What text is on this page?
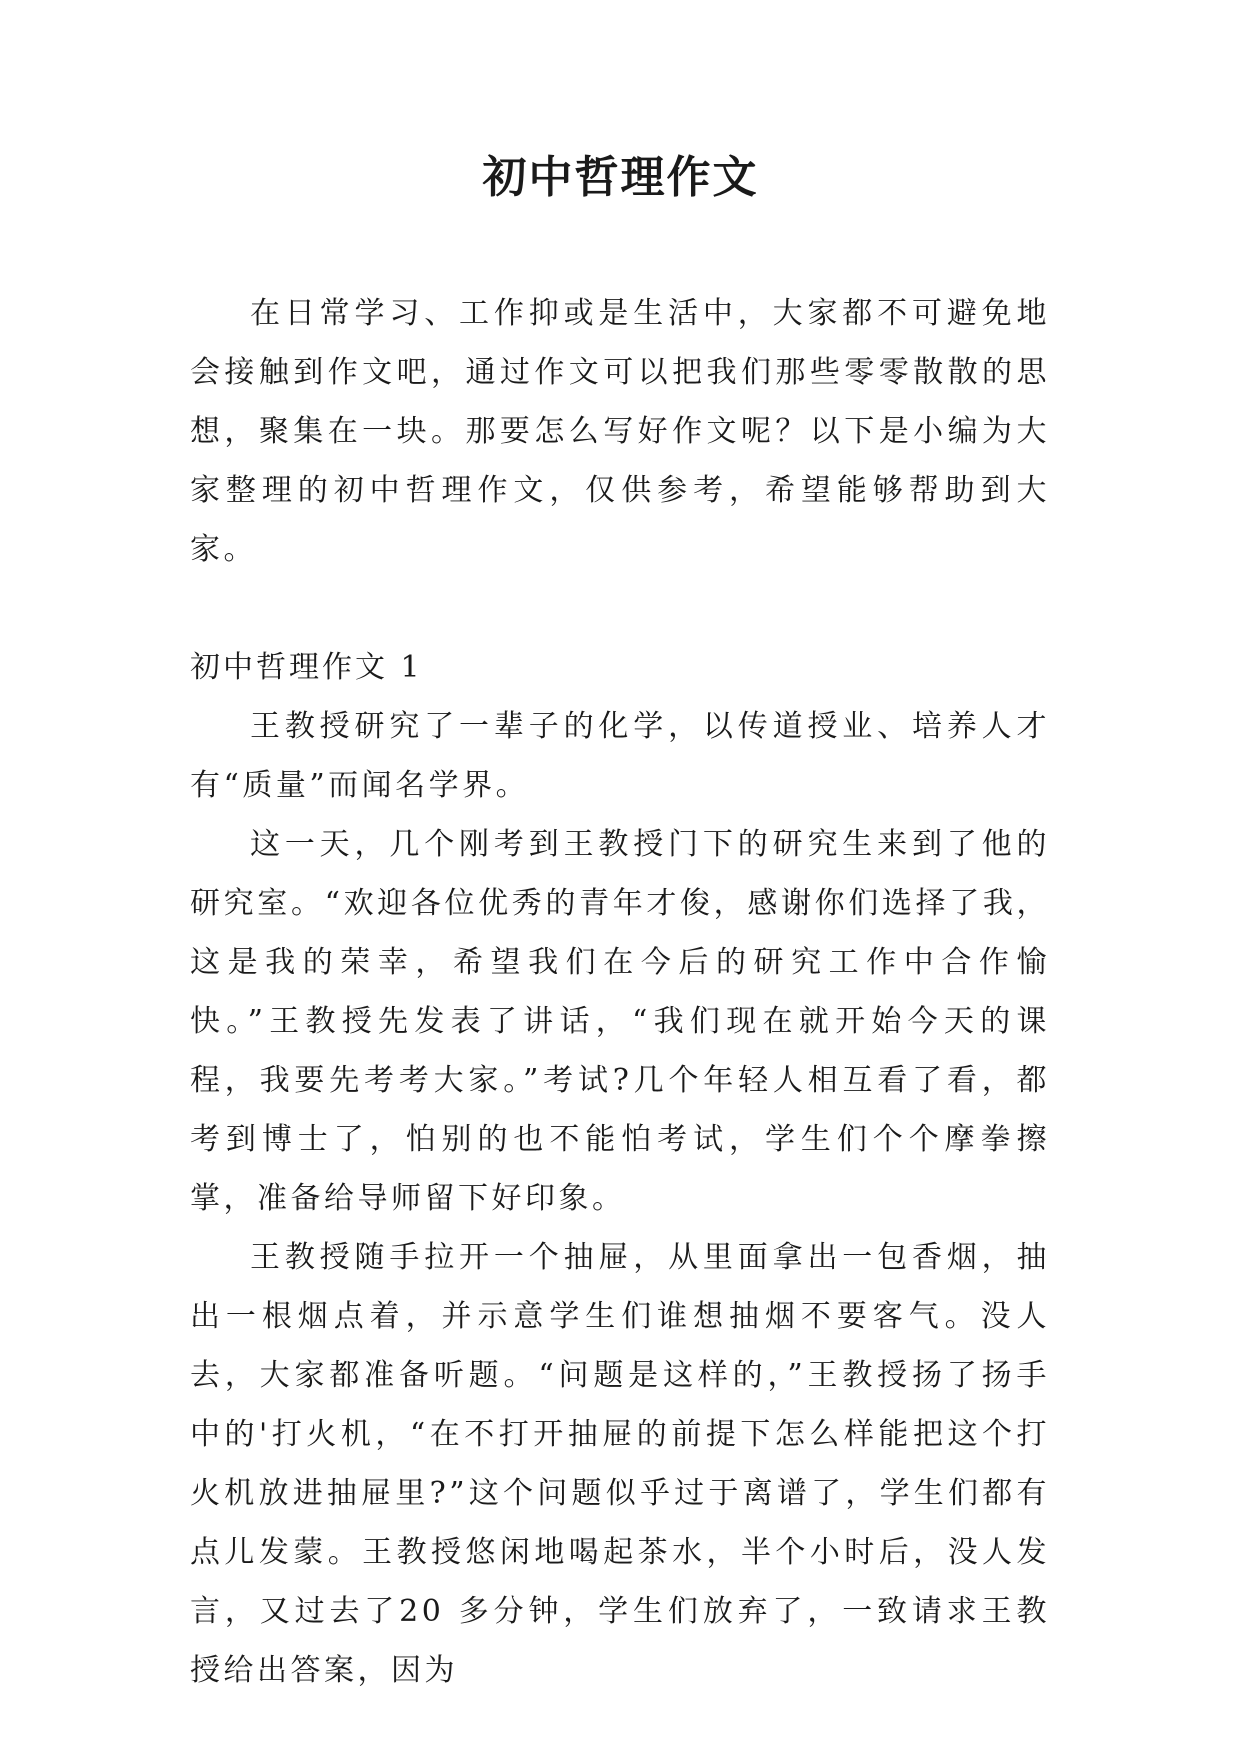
初中哲理作文

在日常学习、工作抑或是生活中，大家都不可避免地会接触到作文吧，通过作文可以把我们那些零零散散的思想，聚集在一块。那要怎么写好作文呢？以下是小编为大家整理的初中哲理作文，仅供参考，希望能够帮助到大家。

初中哲理作文 1

王教授研究了一辈子的化学，以传道授业、培养人才有“质量”而闻名学界。

这一天，几个刚考到王教授门下的研究生来到了他的研究室。“欢迎各位优秀的青年才俊，感谢你们选择了我，这是我的荣幸，希望我们在今后的研究工作中合作愉快。”王教授先发表了讲话，“我们现在就开始今天的课程，我要先考考大家。”考试?几个年轻人相互看了看，都考到博士了，怕别的也不能怕考试，学生们个个摩拳擦掌，准备给导师留下好印象。

王教授随手拉开一个抽屉，从里面拿出一包香烟，抽出一根烟点着，并示意学生们谁想抽烟不要客气。没人去，大家都准备听题。“问题是这样的，”王教授扬了扬手中的'打火机，“在不打开抽屉的前提下怎么样能把这个打火机放进抽屉里?”这个问题似乎过于离谱了，学生们都有点儿发蒙。王教授悠闲地喝起茶水，半个小时后，没人发言，又过去了20 多分钟，学生们放弃了，一致请求王教授给出答案，因为
